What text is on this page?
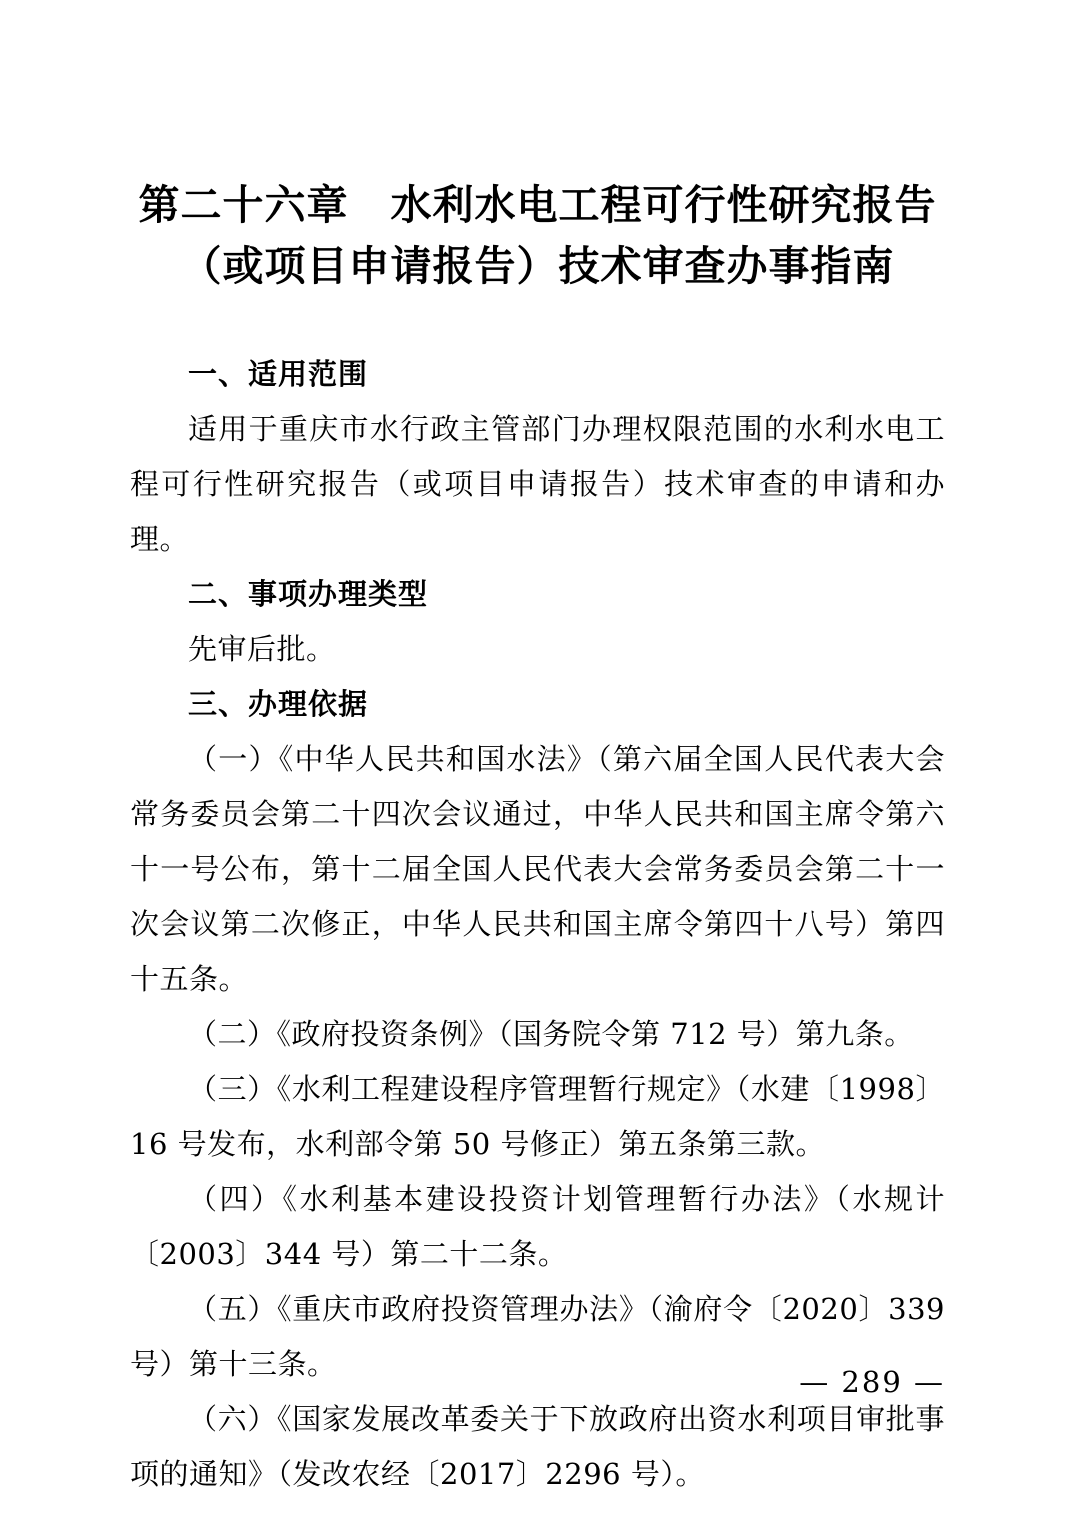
第二十六章　水利水电工程可行性研究报告
（或项目申请报告）技术审查办事指南

一、适用范围

适用于重庆市水行政主管部门办理权限范围的水利水电工程可行性研究报告（或项目申请报告）技术审查的申请和办理。

二、事项办理类型

先审后批。

三、办理依据

（一）《中华人民共和国水法》（第六届全国人民代表大会常务委员会第二十四次会议通过，中华人民共和国主席令第六十一号公布，第十二届全国人民代表大会常务委员会第二十一次会议第二次修正，中华人民共和国主席令第四十八号）第四十五条。

（二）《政府投资条例》（国务院令第 712 号）第九条。

（三）《水利工程建设程序管理暂行规定》（水建〔1998〕16 号发布，水利部令第 50 号修正）第五条第三款。

（四）《水利基本建设投资计划管理暂行办法》（水规计〔2003〕344 号）第二十二条。

（五）《重庆市政府投资管理办法》（渝府令〔2020〕339 号）第十三条。

（六）《国家发展改革委关于下放政府出资水利项目审批事项的通知》（发改农经〔2017〕2296 号）。

— 289 —
